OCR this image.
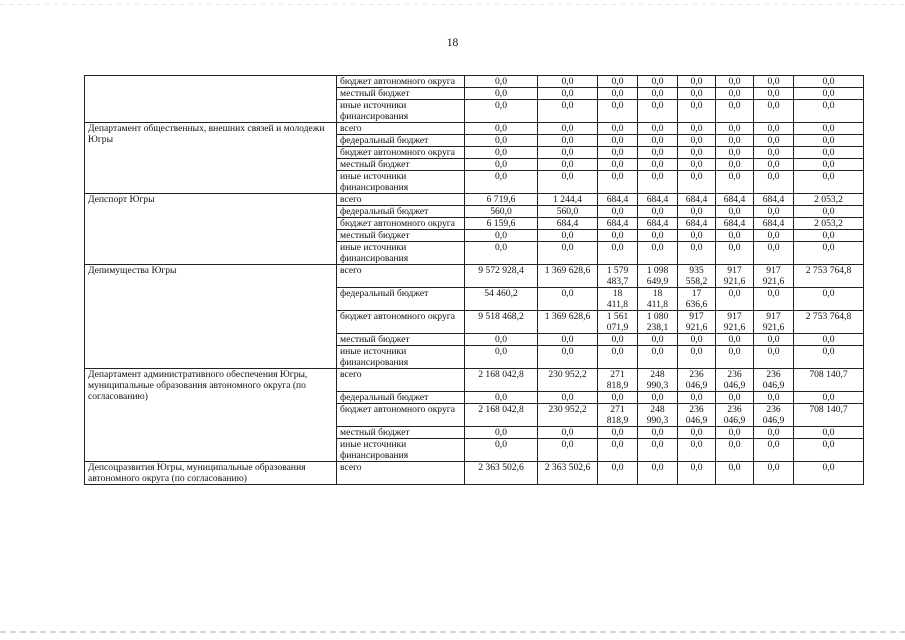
18
	бюджет автономного округа	0,0	0,0	0,0	0,0	0,0	0,0	0,0	0,0
	местный бюджет	0,0	0,0	0,0	0,0	0,0	0,0	0,0	0,0
	иные источники финансирования	0,0	0,0	0,0	0,0	0,0	0,0	0,0	0,0
Департамент общественных, внешних связей и молодежи Югры	всего	0,0	0,0	0,0	0,0	0,0	0,0	0,0	0,0
	федеральный бюджет	0,0	0,0	0,0	0,0	0,0	0,0	0,0	0,0
	бюджет автономного округа	0,0	0,0	0,0	0,0	0,0	0,0	0,0	0,0
	местный бюджет	0,0	0,0	0,0	0,0	0,0	0,0	0,0	0,0
	иные источники финансирования	0,0	0,0	0,0	0,0	0,0	0,0	0,0	0,0
Депспорт Югры	всего	6 719,6	1 244,4	684,4	684,4	684,4	684,4	684,4	2 053,2
	федеральный бюджет	560,0	560,0	0,0	0,0	0,0	0,0	0,0	0,0
	бюджет автономного округа	6 159,6	684,4	684,4	684,4	684,4	684,4	684,4	2 053,2
	местный бюджет	0,0	0,0	0,0	0,0	0,0	0,0	0,0	0,0
	иные источники финансирования	0,0	0,0	0,0	0,0	0,0	0,0	0,0	0,0
Депимущества Югры	всего	9 572 928,4	1 369 628,6	1 579 483,7	1 098 649,9	935 558,2	917 921,6	917 921,6	2 753 764,8
	федеральный бюджет	54 460,2	0,0	18 411,8	18 411,8	17 636,6	0,0	0,0	0,0
	бюджет автономного округа	9 518 468,2	1 369 628,6	1 561 071,9	1 080 238,1	917 921,6	917 921,6	917 921,6	2 753 764,8
	местный бюджет	0,0	0,0	0,0	0,0	0,0	0,0	0,0	0,0
	иные источники финансирования	0,0	0,0	0,0	0,0	0,0	0,0	0,0	0,0
Департамент административного обеспечения Югры, муниципальные образования автономного округа (по согласованию)	всего	2 168 042,8	230 952,2	271 818,9	248 990,3	236 046,9	236 046,9	236 046,9	708 140,7
	федеральный бюджет	0,0	0,0	0,0	0,0	0,0	0,0	0,0	0,0
	бюджет автономного округа	2 168 042,8	230 952,2	271 818,9	248 990,3	236 046,9	236 046,9	236 046,9	708 140,7
	местный бюджет	0,0	0,0	0,0	0,0	0,0	0,0	0,0	0,0
	иные источники финансирования	0,0	0,0	0,0	0,0	0,0	0,0	0,0	0,0
Депсоцразвития Югры, муниципальные образования автономного округа (по согласованию)	всего	2 363 502,6	2 363 502,6	0,0	0,0	0,0	0,0	0,0	0,0
